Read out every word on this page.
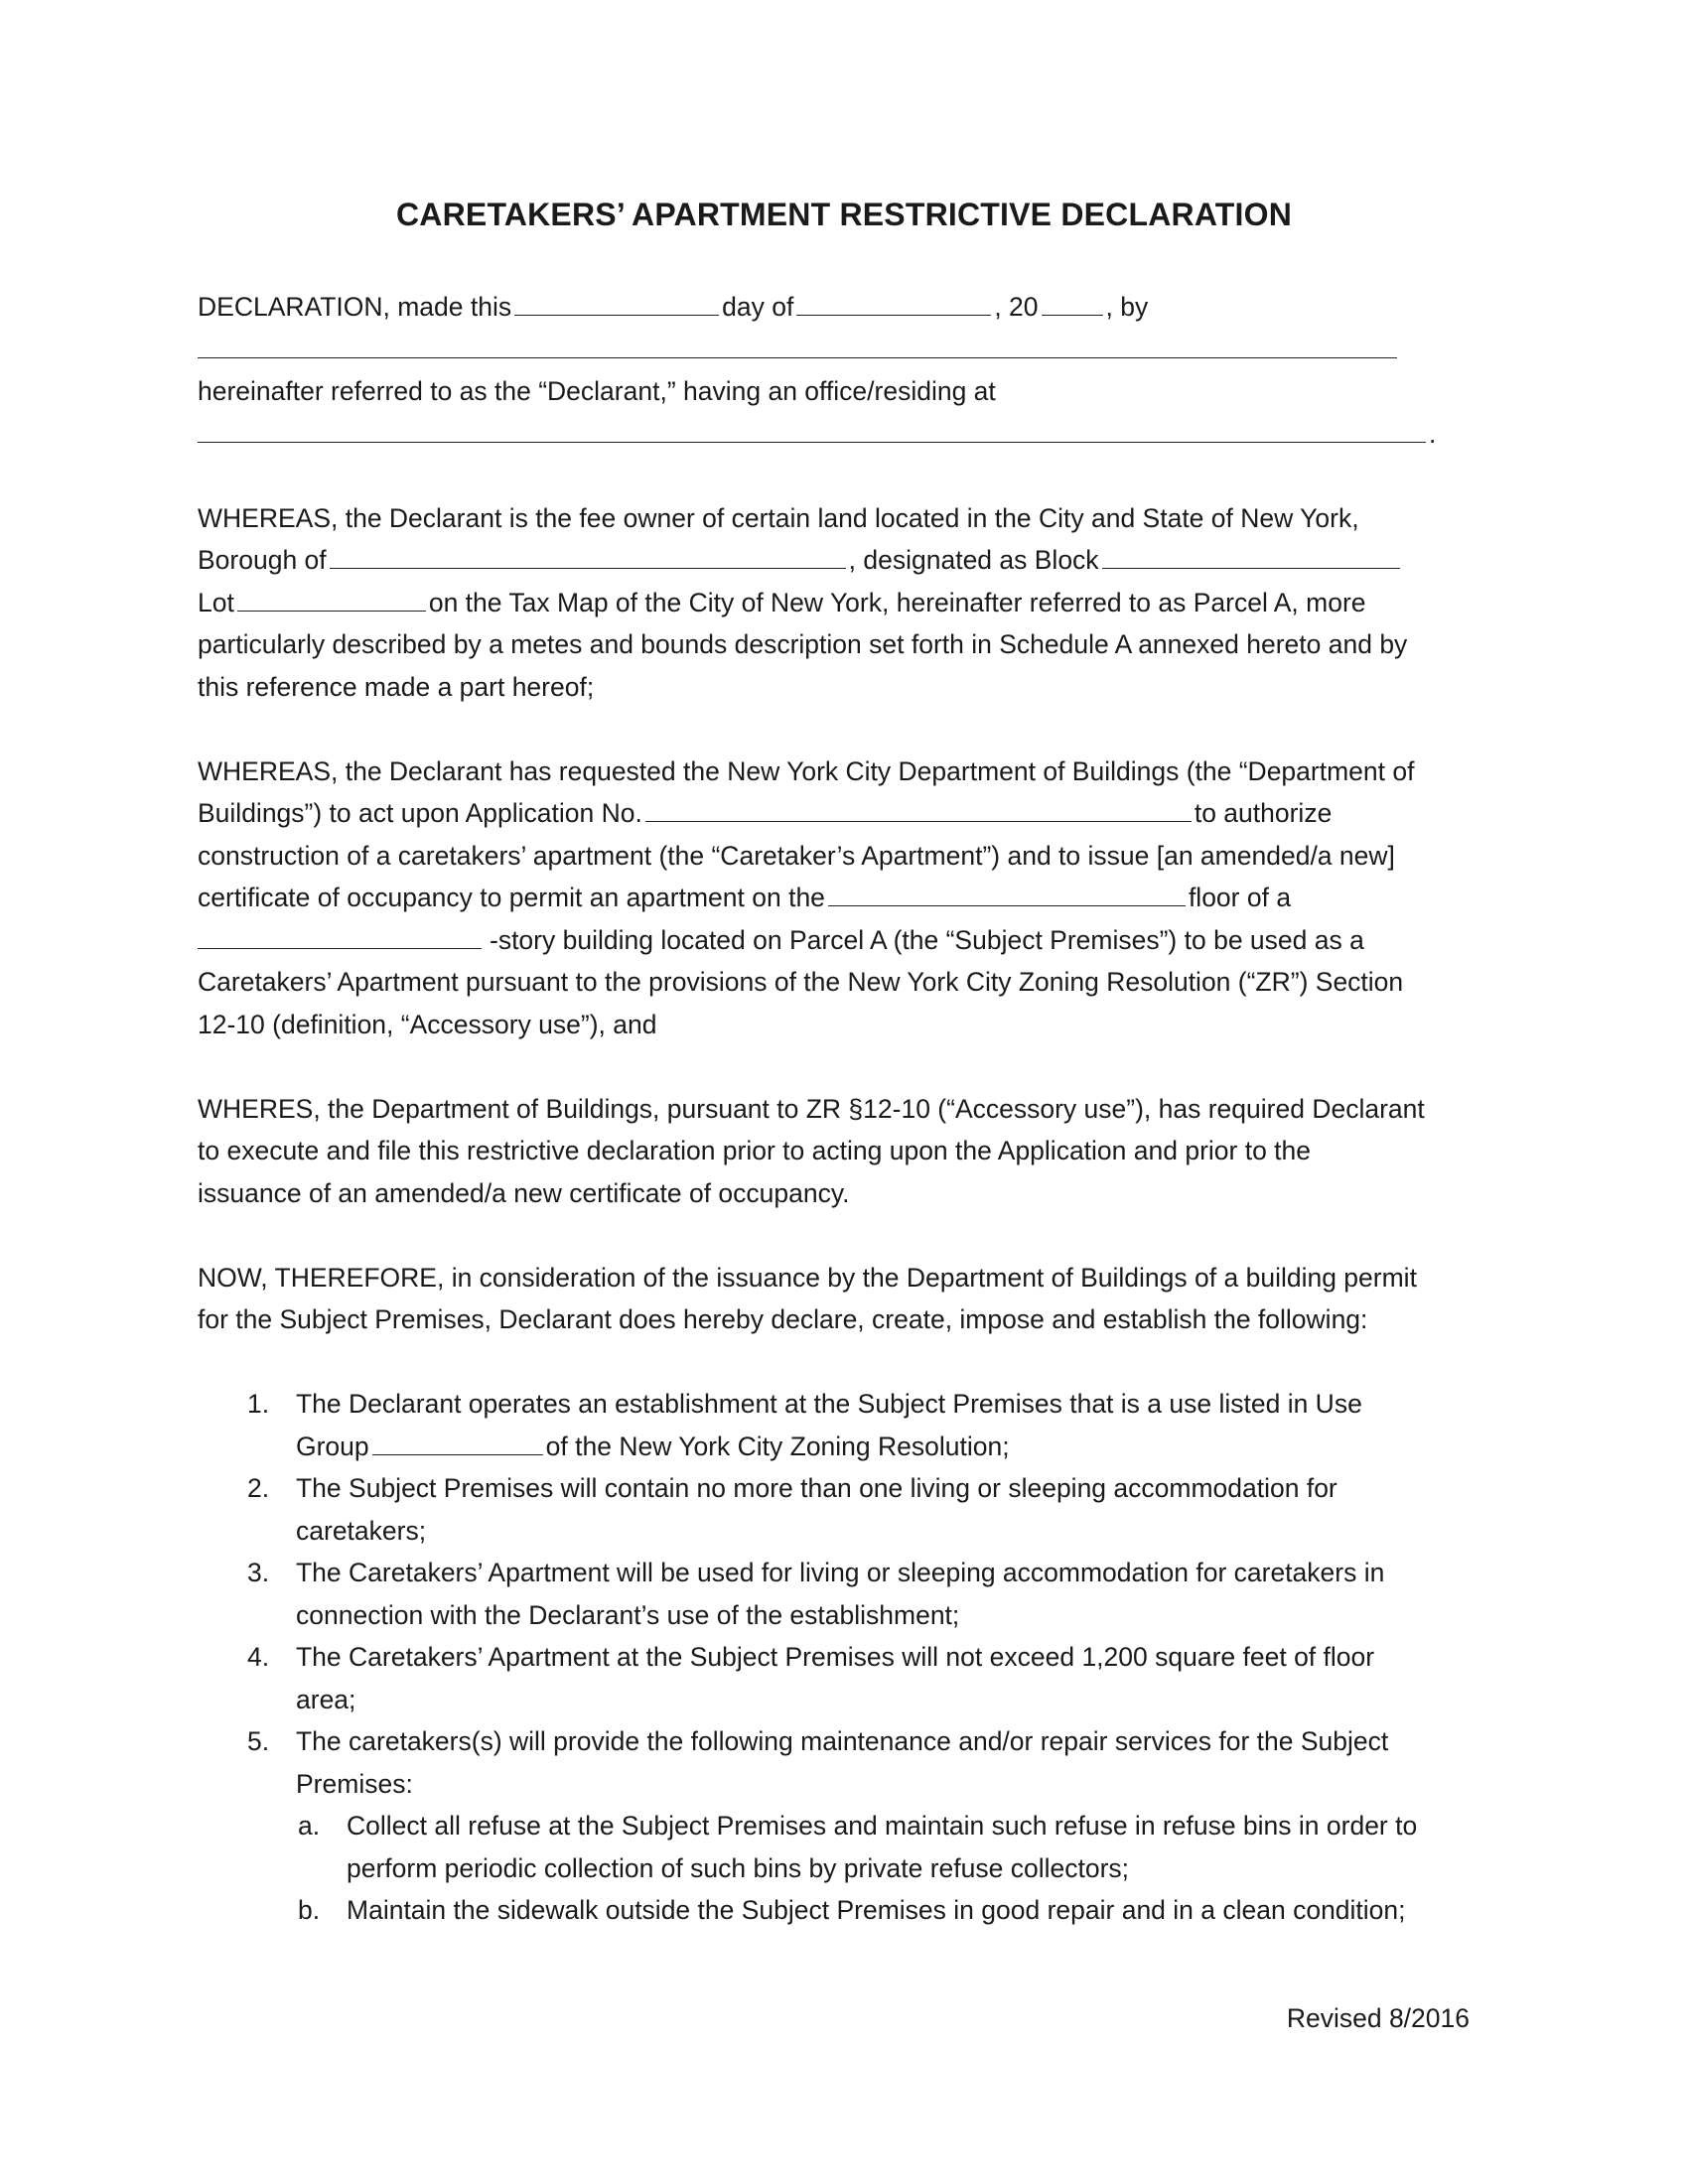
CARETAKERS’ APARTMENT RESTRICTIVE DECLARATION
DECLARATION, made this	day of	, 20	, by
hereinafter referred to as the “Declarant,” having an office/residing at
.
WHEREAS, the Declarant is the fee owner of certain land located in the City and State of New York,
Borough of	, designated as Block
Lot	on the Tax Map of the City of New York, hereinafter referred to as Parcel A, more
particularly described by a metes and bounds description set forth in Schedule A annexed hereto and by
this reference made a part hereof;
WHEREAS, the Declarant has requested the New York City Department of Buildings (the “Department of
Buildings”) to act upon Application No.	to authorize
construction of a caretakers’ apartment (the “Caretaker’s Apartment”) and to issue [an amended/a new]
certificate of occupancy to permit an apartment on the	floor of a
-story building located on Parcel A (the “Subject Premises”) to be used as a
Caretakers’ Apartment pursuant to the provisions of the New York City Zoning Resolution (“ZR”) Section
12-10 (definition, “Accessory use”), and
WHERES, the Department of Buildings, pursuant to ZR §12-10 (“Accessory use”), has required Declarant
to execute and file this restrictive declaration prior to acting upon the Application and prior to the
issuance of an amended/a new certificate of occupancy.
NOW, THEREFORE, in consideration of the issuance by the Department of Buildings of a building permit
for the Subject Premises, Declarant does hereby declare, create, impose and establish the following:
1. The Declarant operates an establishment at the Subject Premises that is a use listed in Use
Group	of the New York City Zoning Resolution;
2. The Subject Premises will contain no more than one living or sleeping accommodation for
caretakers;
3. The Caretakers’ Apartment will be used for living or sleeping accommodation for caretakers in
connection with the Declarant’s use of the establishment;
4. The Caretakers’ Apartment at the Subject Premises will not exceed 1,200 square feet of floor
area;
5. The caretakers(s) will provide the following maintenance and/or repair services for the Subject
Premises:
a. Collect all refuse at the Subject Premises and maintain such refuse in refuse bins in order to
perform periodic collection of such bins by private refuse collectors;
b. Maintain the sidewalk outside the Subject Premises in good repair and in a clean condition;
Revised 8/2016
